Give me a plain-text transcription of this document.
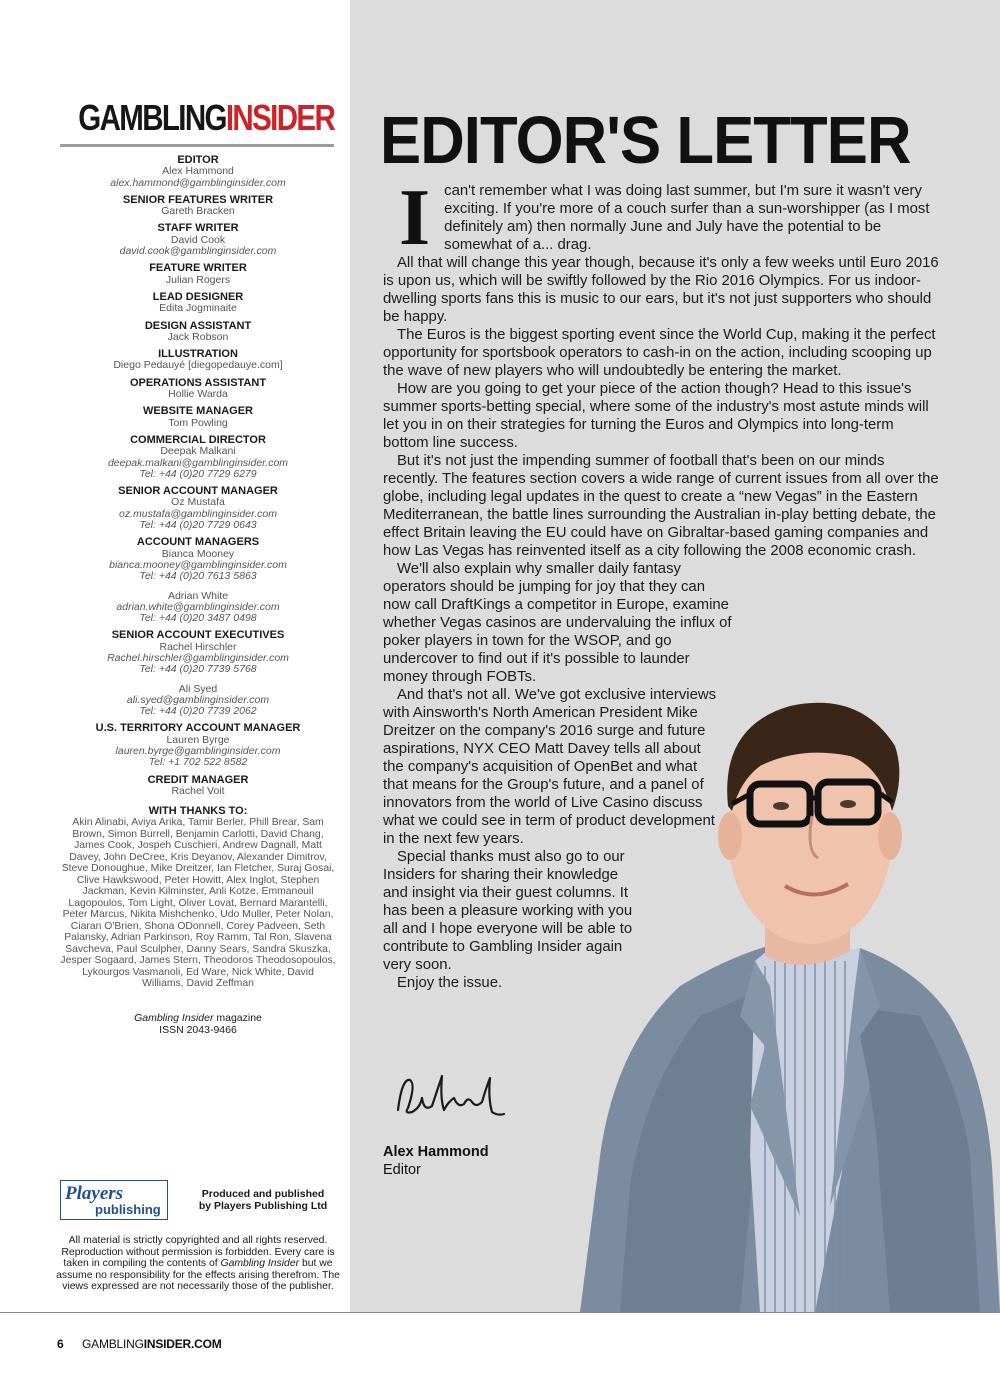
GAMBLINGINSIDER
EDITOR
Alex Hammond
alex.hammond@gamblinginsider.com
SENIOR FEATURES WRITER
Gareth Bracken
STAFF WRITER
David Cook
david.cook@gamblinginsider.com
FEATURE WRITER
Julian Rogers
LEAD DESIGNER
Edita Jogminaite
DESIGN ASSISTANT
Jack Robson
ILLUSTRATION
Diego Pedauyé [diegopedauye.com]
OPERATIONS ASSISTANT
Hollie Warda
WEBSITE MANAGER
Tom Powling
COMMERCIAL DIRECTOR
Deepak Malkani
deepak.malkani@gamblinginsider.com
Tel: +44 (0)20 7729 6279
SENIOR ACCOUNT MANAGER
Oz Mustafa
oz.mustafa@gamblinginsider.com
Tel: +44 (0)20 7729 0643
ACCOUNT MANAGERS
Bianca Mooney
bianca.mooney@gamblinginsider.com
Tel: +44 (0)20 7613 5863
Adrian White
adrian.white@gamblinginsider.com
Tel: +44 (0)20 3487 0498
SENIOR ACCOUNT EXECUTIVES
Rachel Hirschler
Rachel.hirschler@gamblinginsider.com
Tel: +44 (0)20 7739 5768
Ali Syed
ali.syed@gamblinginsider.com
Tel: +44 (0)20 7739 2062
U.S. TERRITORY ACCOUNT MANAGER
Lauren Byrge
lauren.byrge@gamblinginsider.com
Tel: +1 702 522 8582
CREDIT MANAGER
Rachel Voit
WITH THANKS TO:
Akin Alinabi, Aviya Arika, Tamir Berler, Phill Brear, Sam Brown, Simon Burrell, Benjamin Carlotti, David Chang, James Cook, Jospeh Cuschieri, Andrew Dagnall, Matt Davey, John DeCree, Kris Deyanov, Alexander Dimitrov, Steve Donoughue, Mike Dreitzer, Ian Fletcher, Suraj Gosai, Clive Hawkswood, Peter Howitt, Alex Inglot, Stephen Jackman, Kevin Kilminster, Anli Kotze, Emmanouil Lagopoulos, Tom Light, Oliver Lovat, Bernard Marantelli, Peter Marcus, Nikita Mishchenko, Udo Muller, Peter Nolan, Ciaran O'Brien, Shona ODonnell, Corey Padveen, Seth Palansky, Adrian Parkinson, Roy Ramm, Tal Ron, Slavena Savcheva, Paul Sculpher, Danny Sears, Sandra Skuszka, Jesper Sogaard, James Stern, Theodoros Theodosopoulos, Lykourgos Vasmanoli, Ed Ware, Nick White, David Williams, David Zeffman
Gambling Insider magazine
ISSN 2043-9466
Players
publishing
Produced and published
by Players Publishing Ltd
All material is strictly copyrighted and all rights reserved. Reproduction without permission is forbidden. Every care is taken in compiling the contents of Gambling Insider but we assume no responsibility for the effects arising therefrom. The views expressed are not necessarily those of the publisher.
EDITOR'S LETTER
I can't remember what I was doing last summer, but I'm sure it wasn't very exciting. If you're more of a couch surfer than a sun-worshipper (as I most definitely am) then normally June and July have the potential to be somewhat of a... drag.

All that will change this year though, because it's only a few weeks until Euro 2016 is upon us, which will be swiftly followed by the Rio 2016 Olympics. For us indoor-dwelling sports fans this is music to our ears, but it's not just supporters who should be happy.

The Euros is the biggest sporting event since the World Cup, making it the perfect opportunity for sportsbook operators to cash-in on the action, including scooping up the wave of new players who will undoubtedly be entering the market.

How are you going to get your piece of the action though? Head to this issue's summer sports-betting special, where some of the industry's most astute minds will let you in on their strategies for turning the Euros and Olympics into long-term bottom line success.

But it's not just the impending summer of football that's been on our minds recently. The features section covers a wide range of current issues from all over the globe, including legal updates in the quest to create a “new Vegas” in the Eastern Mediterranean, the battle lines surrounding the Australian in-play betting debate, the effect Britain leaving the EU could have on Gibraltar-based gaming companies and how Las Vegas has reinvented itself as a city following the 2008 economic crash.

We'll also explain why smaller daily fantasy operators should be jumping for joy that they can now call DraftKings a competitor in Europe, examine whether Vegas casinos are undervaluing the influx of poker players in town for the WSOP, and go undercover to find out if it's possible to launder money through FOBTs.

And that's not all. We've got exclusive interviews with Ainsworth's North American President Mike Dreitzer on the company's 2016 surge and future aspirations, NYX CEO Matt Davey tells all about the company's acquisition of OpenBet and what that means for the Group's future, and a panel of innovators from the world of Live Casino discuss what we could see in term of product development in the next few years.

Special thanks must also go to our Insiders for sharing their knowledge and insight via their guest columns. It has been a pleasure working with you all and I hope everyone will be able to contribute to Gambling Insider again very soon.

Enjoy the issue.

Alex Hammond
Editor
6 GAMBLINGINSIDER.COM
